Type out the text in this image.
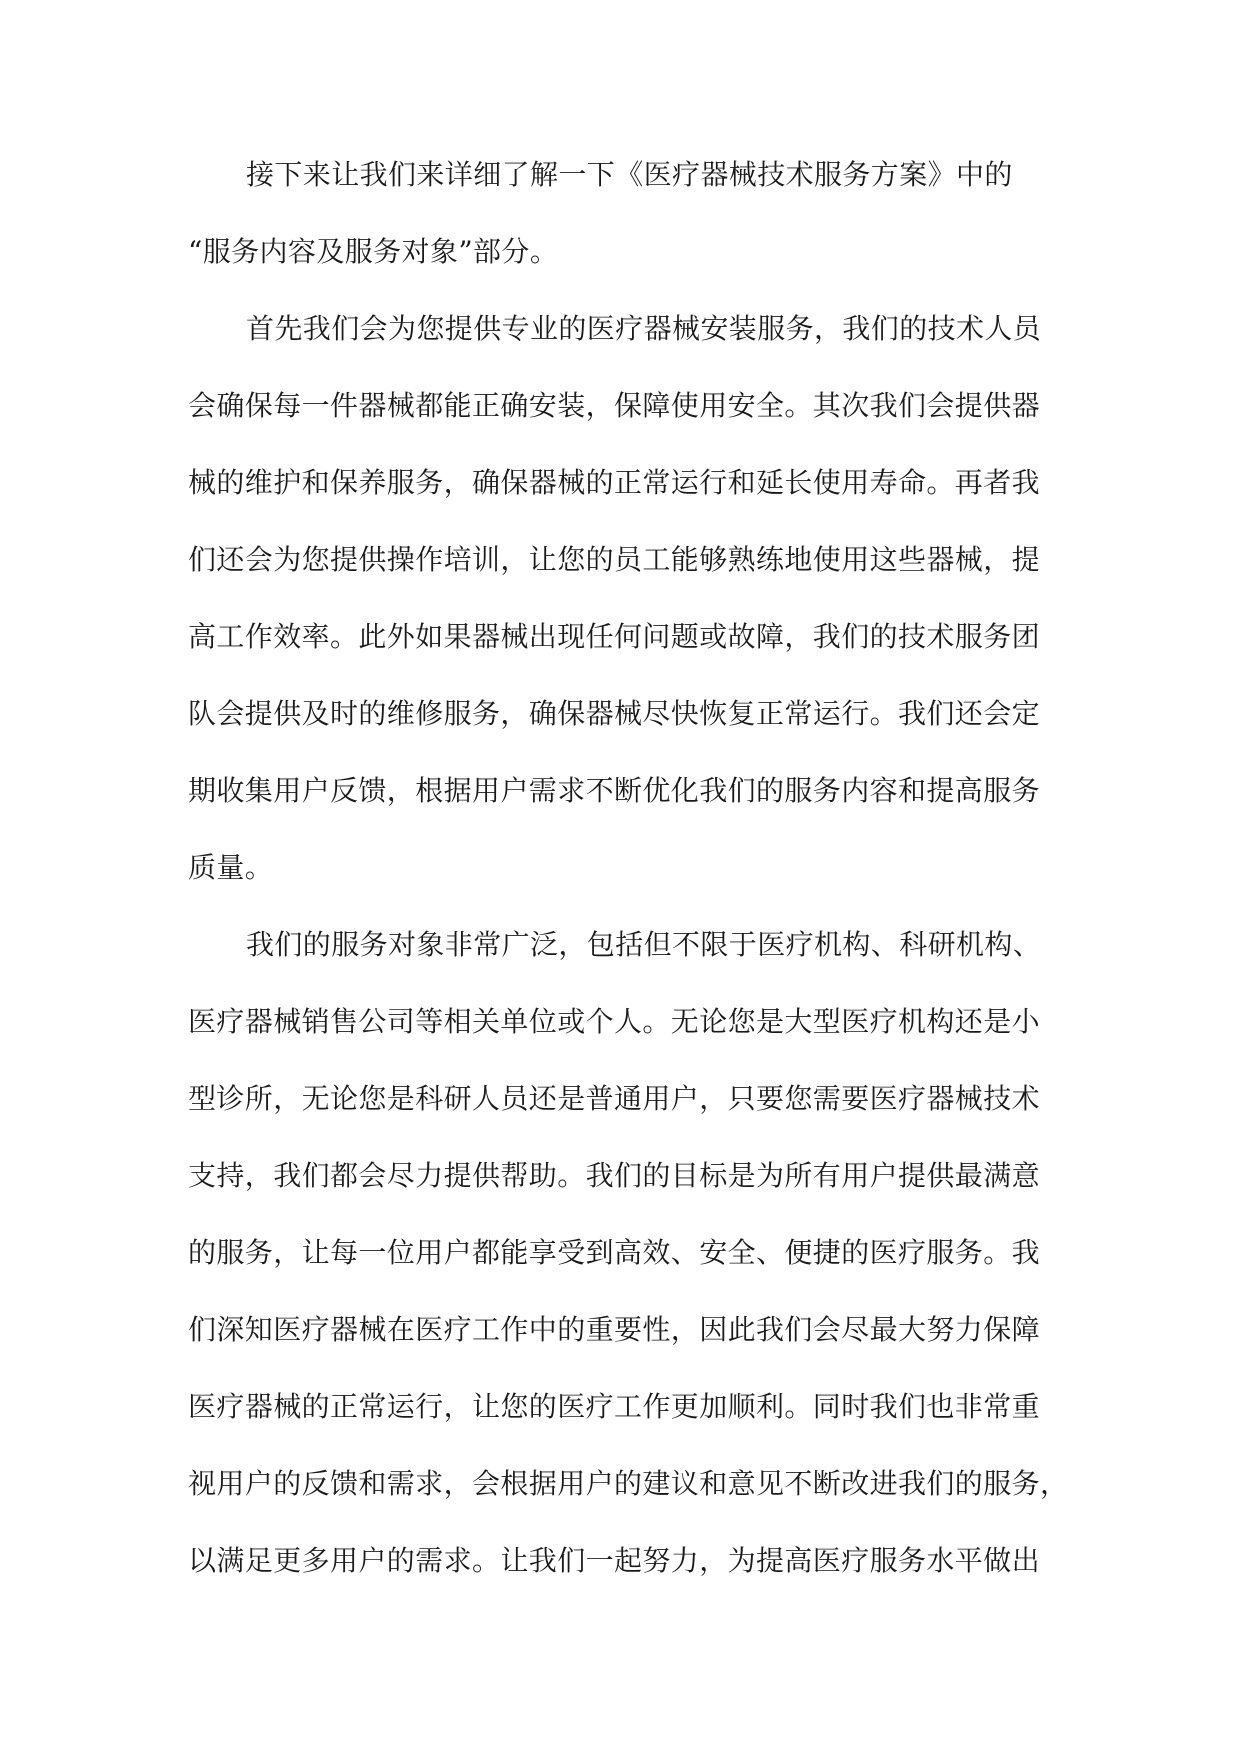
接下来让我们来详细了解一下《医疗器械技术服务方案》中的
“服务内容及服务对象”部分。
首先我们会为您提供专业的医疗器械安装服务，我们的技术人员
会确保每一件器械都能正确安装，保障使用安全。其次我们会提供器
械的维护和保养服务，确保器械的正常运行和延长使用寿命。再者我
们还会为您提供操作培训，让您的员工能够熟练地使用这些器械，提
高工作效率。此外如果器械出现任何问题或故障，我们的技术服务团
队会提供及时的维修服务，确保器械尽快恢复正常运行。我们还会定
期收集用户反馈，根据用户需求不断优化我们的服务内容和提高服务
质量。
我们的服务对象非常广泛，包括但不限于医疗机构、科研机构、
医疗器械销售公司等相关单位或个人。无论您是大型医疗机构还是小
型诊所，无论您是科研人员还是普通用户，只要您需要医疗器械技术
支持，我们都会尽力提供帮助。我们的目标是为所有用户提供最满意
的服务，让每一位用户都能享受到高效、安全、便捷的医疗服务。我
们深知医疗器械在医疗工作中的重要性，因此我们会尽最大努力保障
医疗器械的正常运行，让您的医疗工作更加顺利。同时我们也非常重
视用户的反馈和需求，会根据用户的建议和意见不断改进我们的服务，
以满足更多用户的需求。让我们一起努力，为提高医疗服务水平做出
